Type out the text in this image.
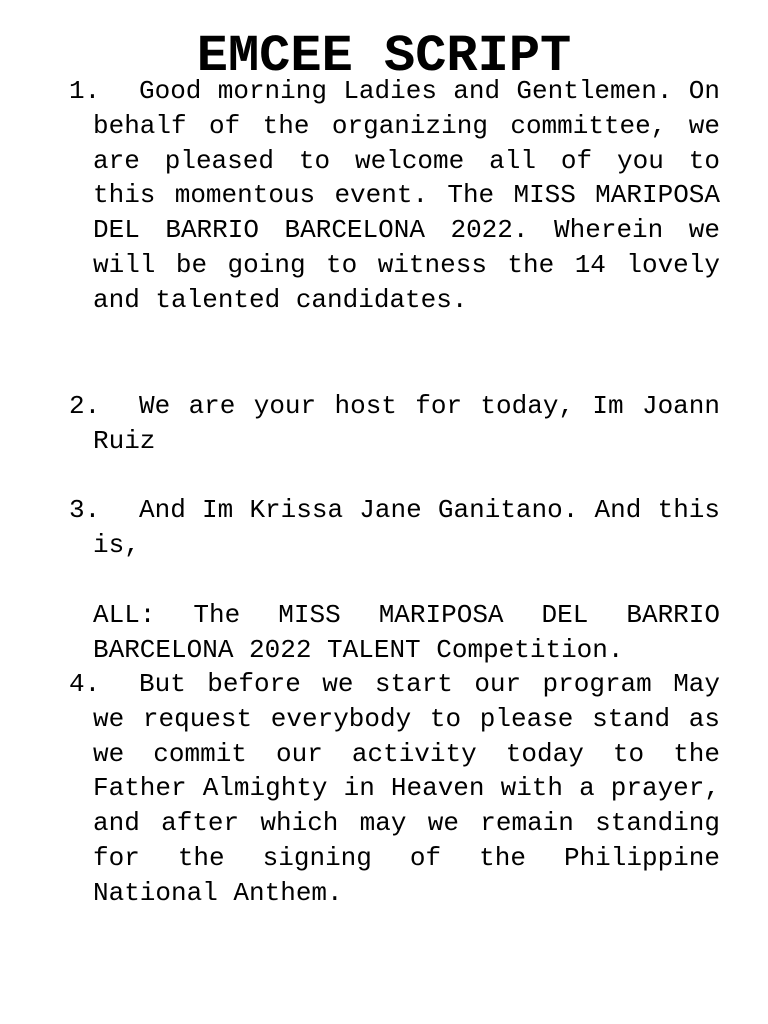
EMCEE SCRIPT

1. Good morning Ladies and Gentlemen. On behalf of the organizing committee, we are pleased to welcome all of you to this momentous event. The MISS MARIPOSA DEL BARRIO BARCELONA 2022. Wherein we will be going to witness the 14 lovely and talented candidates.

2. We are your host for today, Im Joann Ruiz

3. And Im Krissa Jane Ganitano. And this is,

ALL: The MISS MARIPOSA DEL BARRIO BARCELONA 2022 TALENT Competition.

4. But before we start our program May we request everybody to please stand as we commit our activity today to the Father Almighty in Heaven with a prayer, and after which may we remain standing for the signing of the Philippine National Anthem.
